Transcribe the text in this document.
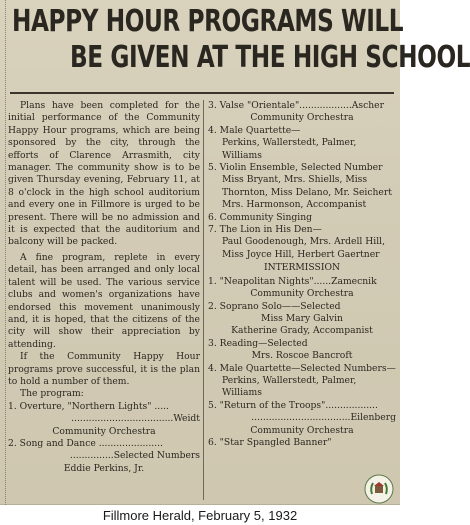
HAPPY HOUR PROGRAMS WILL
BE GIVEN AT THE HIGH SCHOOL

Plans have been completed for the initial performance of the Community Happy Hour programs, which are being sponsored by the city, through the efforts of Clarence Arrasmith, city manager. The community show is to be given Thursday evening, February 11, at 8 o'clock in the high school auditorium and every one in Fillmore is urged to be present. There will be no admission and it is expected that the auditorium and balcony will be packed.

A fine program, replete in every detail, has been arranged and only local talent will be used. The various service clubs and women's organizations have endorsed this movement unanimously and, it is hoped, that the citizens of the city will show their appreciation by attending.

If the Community Happy Hour programs prove successful, it is the plan to hold a number of them.

The program:

1. Overture, "Northern Lights" .....
...................................Weidt
Community Orchestra
2. Song and Dance ......................
...............Selected Numbers
Eddie Perkins, Jr.
3. Valse "Orientale"..................Ascher
Community Orchestra
4. Male Quartette—
Perkins, Wallerstedt, Palmer, Williams
5. Violin Ensemble, Selected Number
Miss Bryant, Mrs. Shiells, Miss Thornton, Miss Delano, Mr. Seichert
Mrs. Harmonson, Accompanist
6. Community Singing
7. The Lion in His Den—
Paul Goodenough, Mrs. Ardell Hill, Miss Joyce Hill, Herbert Gaertner
INTERMISSION
1. "Neapolitan Nights"......Zamecnik
Community Orchestra
2. Soprano Solo——Selected
Miss Mary Galvin
Katherine Grady, Accompanist
3. Reading—Selected
Mrs. Roscoe Bancroft
4. Male Quartette—Selected Numbers—
Perkins, Wallerstedt, Palmer, Williams
5. "Return of the Troops"..................
..................................Eilenberg
Community Orchestra
6. "Star Spangled Banner"
Fillmore Herald, February 5, 1932
